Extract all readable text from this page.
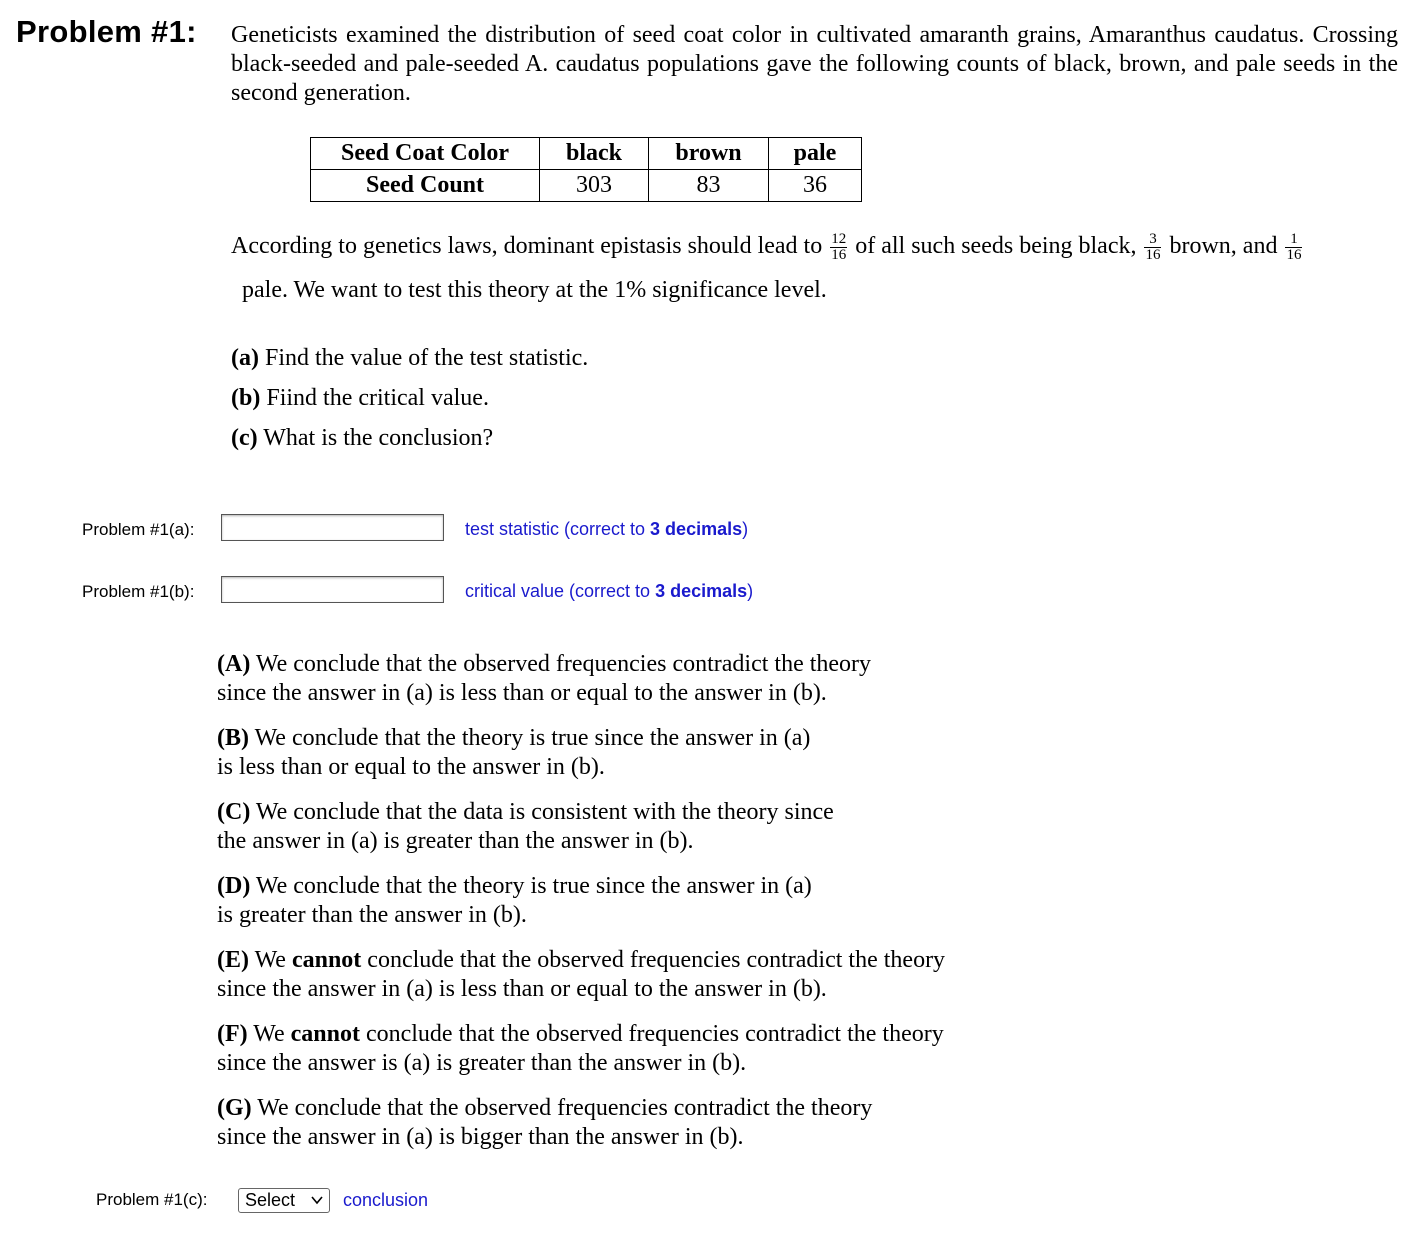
Problem #1: Geneticists examined the distribution of seed coat color in cultivated amaranth grains, Amaranthus caudatus. Crossing black-seeded and pale-seeded A. caudatus populations gave the following counts of black, brown, and pale seeds in the second generation.
Seed Coat Color	black	brown	pale
Seed Count	303	83	36
According to genetics laws, dominant epistasis should lead to $\frac{12}{16}$ of all such seeds being black, $\frac{3}{16}$ brown, and $\frac{1}{16}$
pale. We want to test this theory at the 1% significance level.
(a) Find the value of the test statistic.
(b) Fiind the critical value.
(c) What is the conclusion?
Problem #1(a):	test statistic (correct to 3 decimals)
Problem #1(b):	critical value (correct to 3 decimals)
(A) We conclude that the observed frequencies contradict the theory
since the answer in (a) is less than or equal to the answer in (b).
(B) We conclude that the theory is true since the answer in (a)
is less than or equal to the answer in (b).
(C) We conclude that the data is consistent with the theory since
the answer in (a) is greater than the answer in (b).
(D) We conclude that the theory is true since the answer in (a)
is greater than the answer in (b).
(E) We cannot conclude that the observed frequencies contradict the theory
since the answer in (a) is less than or equal to the answer in (b).
(F) We cannot conclude that the observed frequencies contradict the theory
since the answer is (a) is greater than the answer in (b).
(G) We conclude that the observed frequencies contradict the theory
since the answer in (a) is bigger than the answer in (b).
Problem #1(c):	Select	conclusion
